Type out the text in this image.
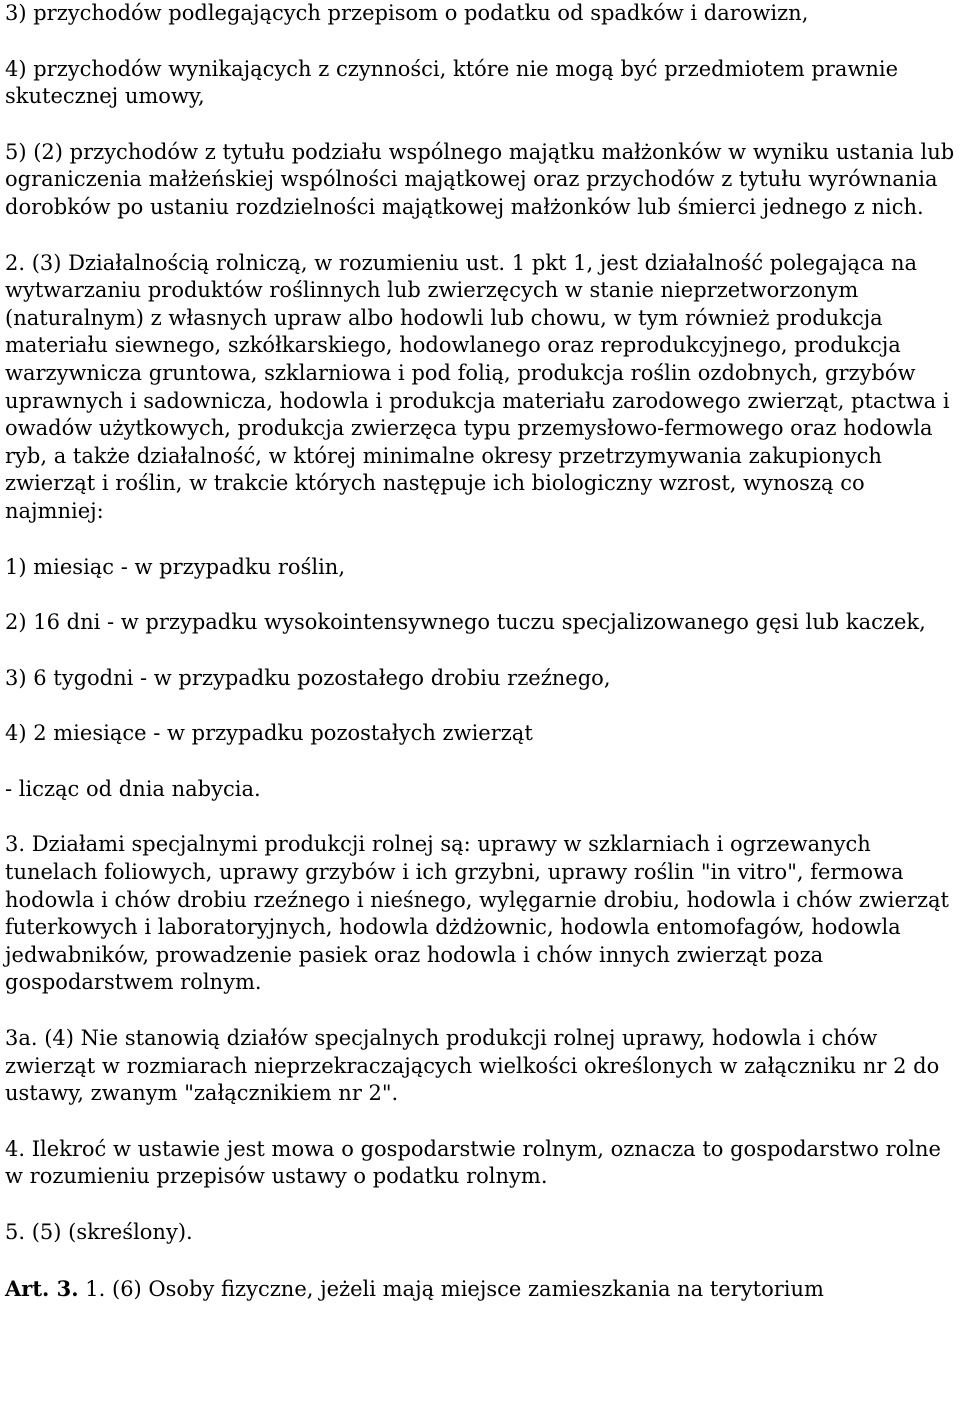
3) przychodów podlegających przepisom o podatku od spadków i darowizn,

4) przychodów wynikających z czynności, które nie mogą być przedmiotem prawnie skutecznej umowy,

5) (2) przychodów z tytułu podziału wspólnego majątku małżonków w wyniku ustania lub ograniczenia małżeńskiej wspólności majątkowej oraz przychodów z tytułu wyrównania dorobków po ustaniu rozdzielności majątkowej małżonków lub śmierci jednego z nich.

2. (3) Działalnością rolniczą, w rozumieniu ust. 1 pkt 1, jest działalność polegająca na wytwarzaniu produktów roślinnych lub zwierzęcych w stanie nieprzetworzonym (naturalnym) z własnych upraw albo hodowli lub chowu, w tym również produkcja materiału siewnego, szkółkarskiego, hodowlanego oraz reprodukcyjnego, produkcja warzywnicza gruntowa, szklarniowa i pod folią, produkcja roślin ozdobnych, grzybów uprawnych i sadownicza, hodowla i produkcja materiału zarodowego zwierząt, ptactwa i owadów użytkowych, produkcja zwierzęca typu przemysłowo-fermowego oraz hodowla ryb, a także działalność, w której minimalne okresy przetrzymywania zakupionych zwierząt i roślin, w trakcie których następuje ich biologiczny wzrost, wynoszą co najmniej:

1) miesiąc - w przypadku roślin,

2) 16 dni - w przypadku wysokointensywnego tuczu specjalizowanego gęsi lub kaczek,

3) 6 tygodni - w przypadku pozostałego drobiu rzeźnego,

4) 2 miesiące - w przypadku pozostałych zwierząt

- licząc od dnia nabycia.

3. Działami specjalnymi produkcji rolnej są: uprawy w szklarniach i ogrzewanych tunelach foliowych, uprawy grzybów i ich grzybni, uprawy roślin "in vitro", fermowa hodowla i chów drobiu rzeźnego i nieśnego, wylęgarnie drobiu, hodowla i chów zwierząt futerkowych i laboratoryjnych, hodowla dżdżownic, hodowla entomofagów, hodowla jedwabników, prowadzenie pasiek oraz hodowla i chów innych zwierząt poza gospodarstwem rolnym.

3a. (4) Nie stanowią działów specjalnych produkcji rolnej uprawy, hodowla i chów zwierząt w rozmiarach nieprzekraczających wielkości określonych w załączniku nr 2 do ustawy, zwanym "załącznikiem nr 2".

4. Ilekroć w ustawie jest mowa o gospodarstwie rolnym, oznacza to gospodarstwo rolne w rozumieniu przepisów ustawy o podatku rolnym.

5. (5) (skreślony).

Art. 3. 1. (6) Osoby fizyczne, jeżeli mają miejsce zamieszkania na terytorium
